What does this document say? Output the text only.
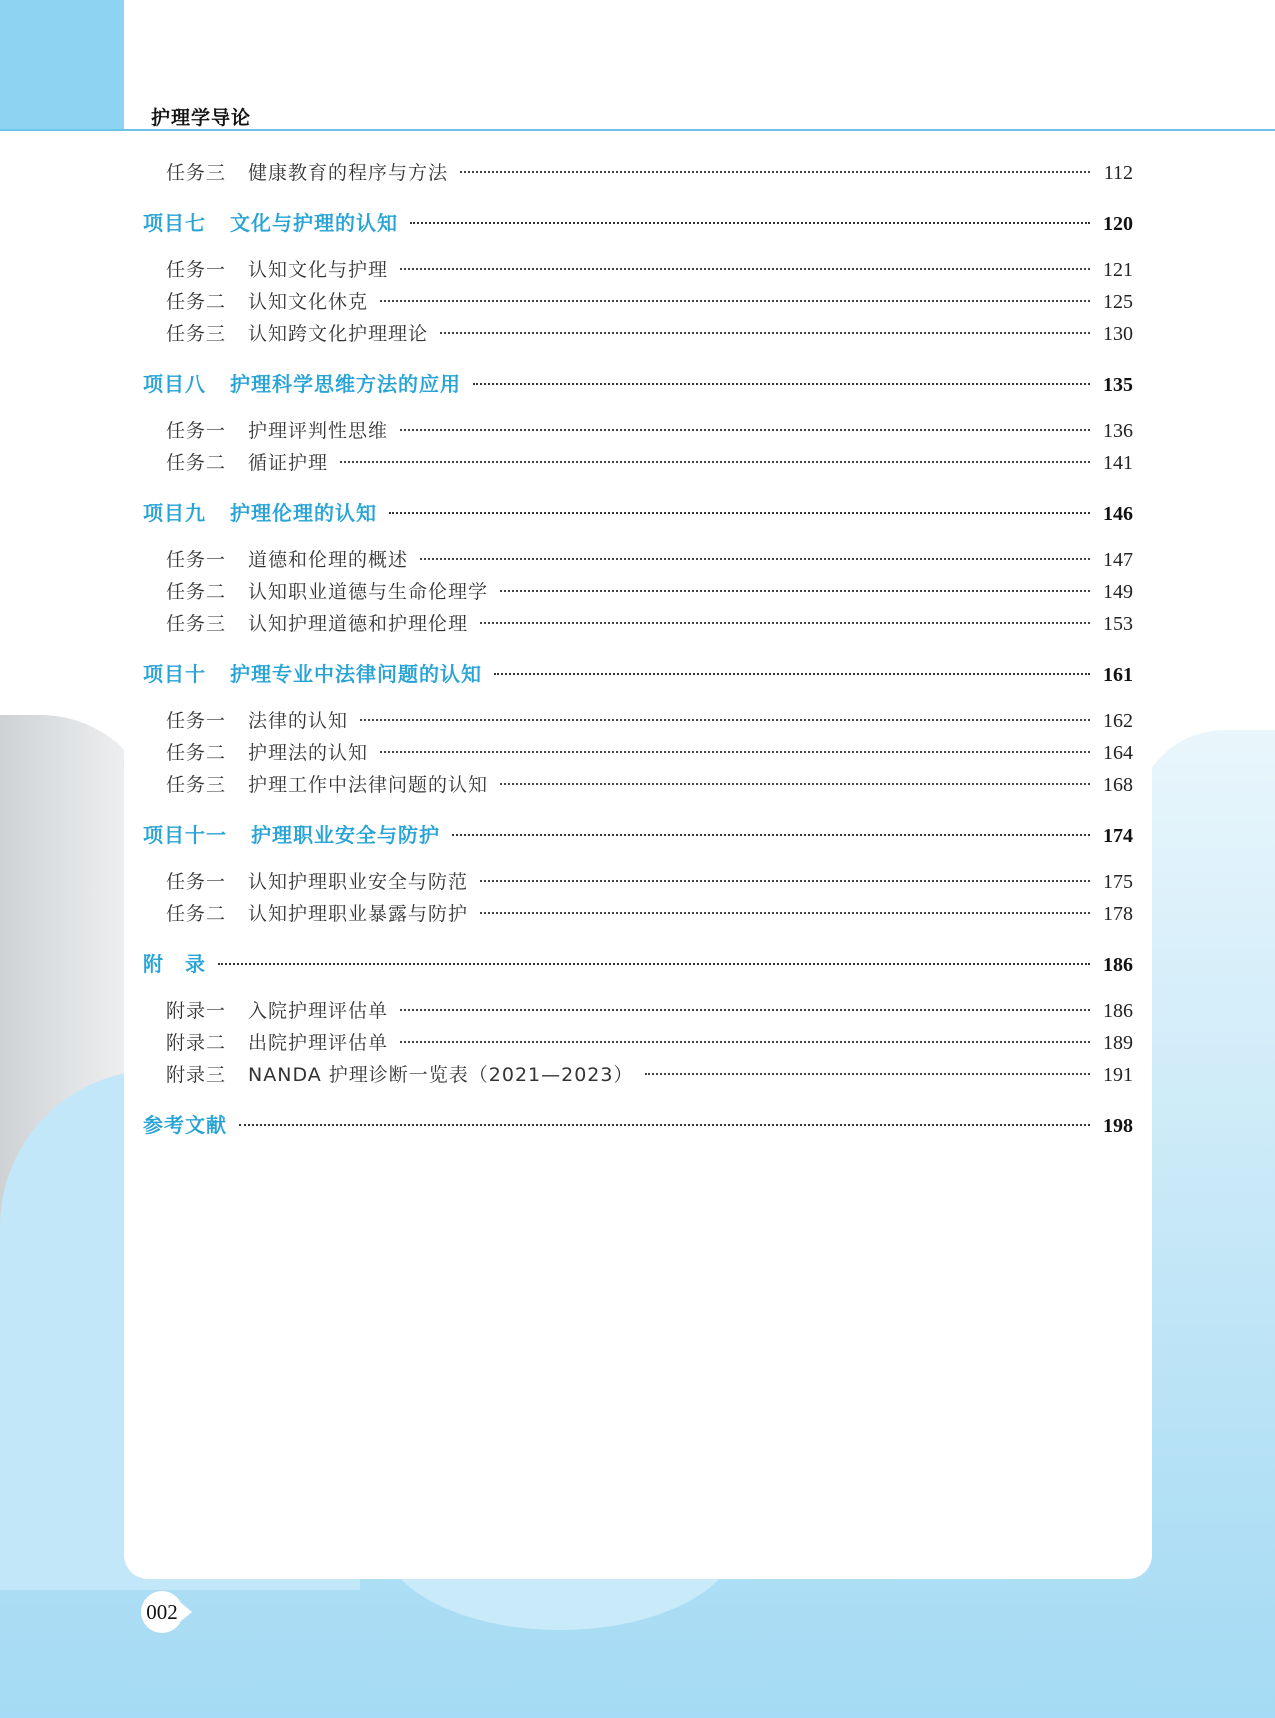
护理学导论
任务三 健康教育的程序与方法	112
项目七 文化与护理的认知	120
任务一 认知文化与护理	121
任务二 认知文化休克	125
任务三 认知跨文化护理理论	130
项目八 护理科学思维方法的应用	135
任务一 护理评判性思维	136
任务二 循证护理	141
项目九 护理伦理的认知	146
任务一 道德和伦理的概述	147
任务二 认知职业道德与生命伦理学	149
任务三 认知护理道德和护理伦理	153
项目十 护理专业中法律问题的认知	161
任务一 法律的认知	162
任务二 护理法的认知	164
任务三 护理工作中法律问题的认知	168
项目十一 护理职业安全与防护	174
任务一 认知护理职业安全与防范	175
任务二 认知护理职业暴露与防护	178
附　录	186
附录一 入院护理评估单	186
附录二 出院护理评估单	189
附录三 NANDA 护理诊断一览表（2021—2023）	191
参考文献	198
002
